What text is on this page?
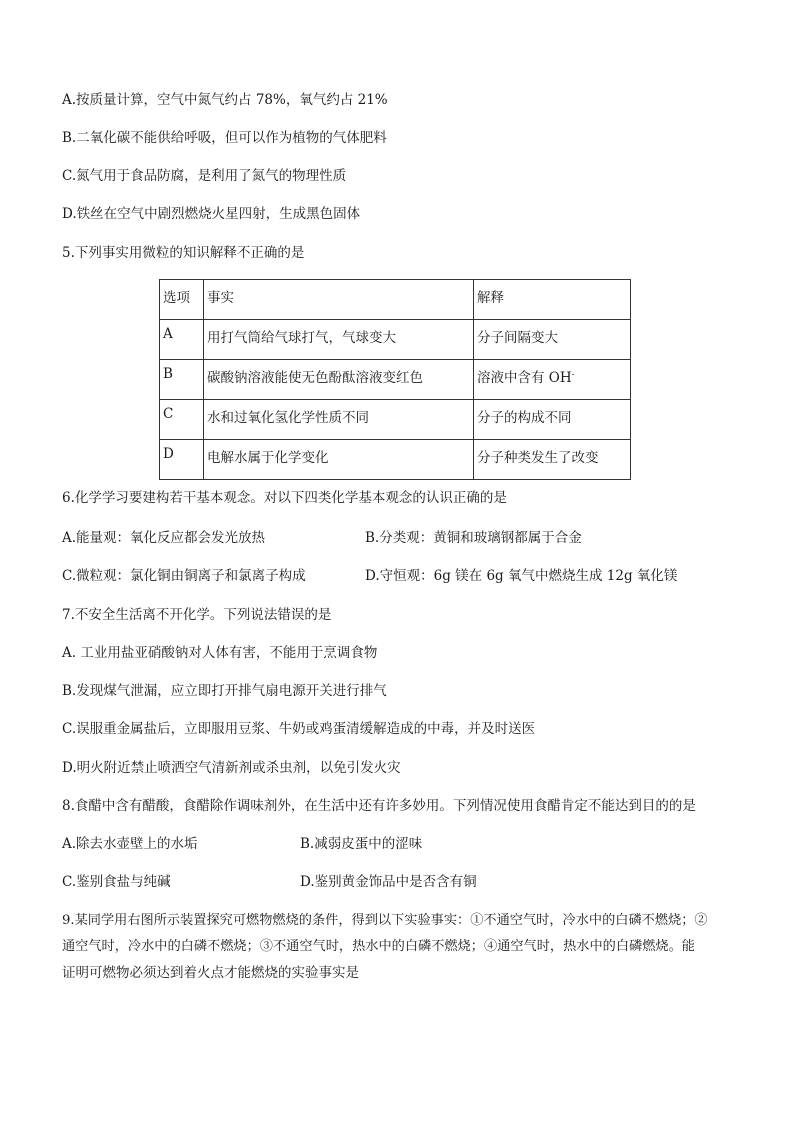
A.按质量计算，空气中氮气约占 78%，氧气约占 21%
B.二氧化碳不能供给呼吸，但可以作为植物的气体肥料
C.氮气用于食品防腐，是利用了氮气的物理性质
D.铁丝在空气中剧烈燃烧火星四射，生成黑色固体
5.下列事实用微粒的知识解释不正确的是
选项	事实	解释
A	用打气筒给气球打气，气球变大	分子间隔变大
B	碳酸钠溶液能使无色酚酞溶液变红色	溶液中含有 OH-
C	水和过氧化氢化学性质不同	分子的构成不同
D	电解水属于化学变化	分子种类发生了改变
6.化学学习要建构若干基本观念。对以下四类化学基本观念的认识正确的是
A.能量观：氧化反应都会发光放热	B.分类观：黄铜和玻璃钢都属于合金
C.微粒观：氯化铜由铜离子和氯离子构成	D.守恒观：6g 镁在 6g 氧气中燃烧生成 12g 氧化镁
7.不安全生活离不开化学。下列说法错误的是
A. 工业用盐亚硝酸钠对人体有害，不能用于烹调食物
B.发现煤气泄漏，应立即打开排气扇电源开关进行排气
C.误服重金属盐后，立即服用豆浆、牛奶或鸡蛋清缓解造成的中毒，并及时送医
D.明火附近禁止喷洒空气清新剂或杀虫剂，以免引发火灾
8.食醋中含有醋酸，食醋除作调味剂外，在生活中还有许多妙用。下列情况使用食醋肯定不能达到目的的是
A.除去水壶壁上的水垢	B.减弱皮蛋中的涩味
C.鉴别食盐与纯碱	D.鉴别黄金饰品中是否含有铜
9.某同学用右图所示装置探究可燃物燃烧的条件，得到以下实验事实：①不通空气时，冷水中的白磷不燃烧；②
通空气时，冷水中的白磷不燃烧；③不通空气时，热水中的白磷不燃烧；④通空气时，热水中的白磷燃烧。能
证明可燃物必须达到着火点才能燃烧的实验事实是
